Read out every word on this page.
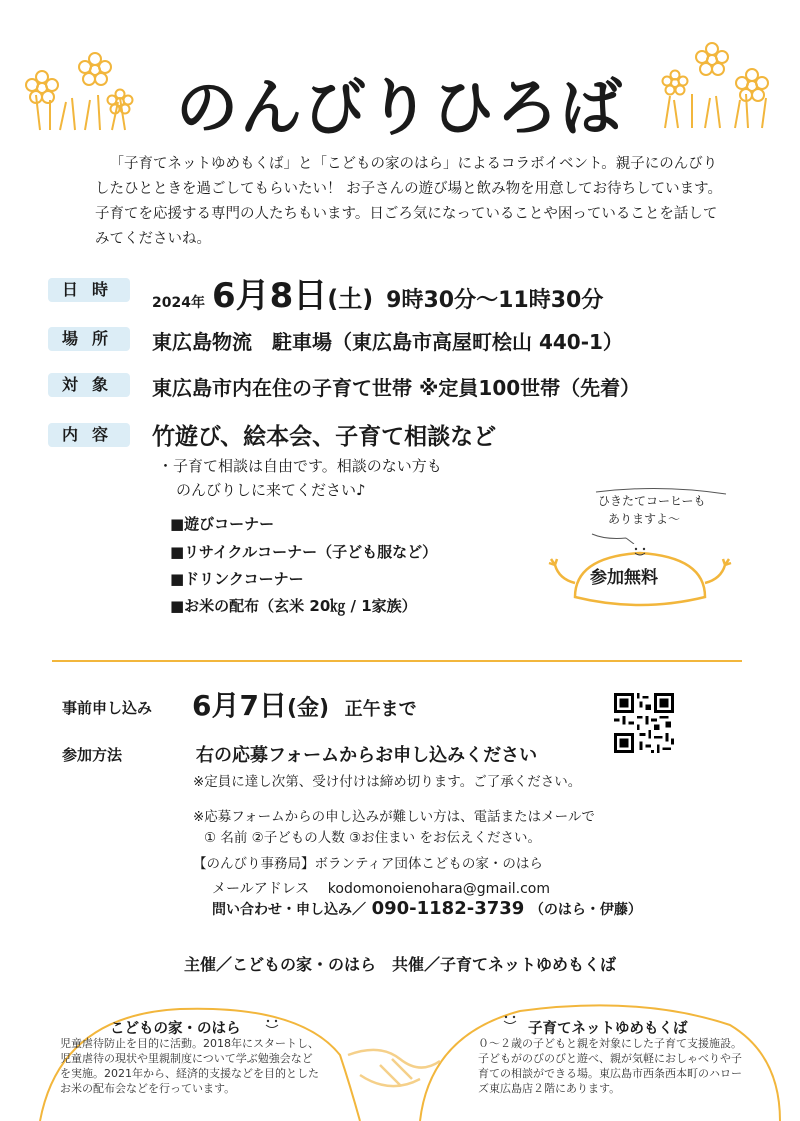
のんびりひろば
「子育てネットゆめもくば」と「こどもの家のはら」によるコラボイベント。親子にのんびりしたひとときを過ごしてもらいたい！ お子さんの遊び場と飲み物を用意してお待ちしています。子育てを応援する専門の人たちもいます。日ごろ気になっていることや困っていることを話してみてくださいね。
日時
2024年 6月8日(土) 9時30分〜11時30分
場所	東広島物流　駐車場（東広島市高屋町桧山 440-1）
対象	東広島市内在住の子育て世帯 ※定員100世帯（先着）
内容	竹遊び、絵本会、子育て相談など
・子育て相談は自由です。相談のない方も
のんびりしに来てください♪
■遊びコーナー
■リサイクルコーナー（子ども服など）
■ドリンクコーナー
■お米の配布（玄米 20㎏ / 1家族）
ひきたてコーヒーも
ありますよ〜
参加無料
事前申し込み 6月7日(金) 正午まで
参加方法	右の応募フォームからお申し込みください
※定員に達し次第、受け付けは締め切ります。ご了承ください。
※応募フォームからの申し込みが難しい方は、電話またはメールで
① 名前 ②子どもの人数 ③お住まい をお伝えください。
【のんびり事務局】ボランティア団体こどもの家・のはら
メールアドレス kodomonoienohara@gmail.com
問い合わせ・申し込み／ 090-1182-3739 （のはら・伊藤）
主催／こどもの家・のはら　共催／子育てネットゆめもくば
こどもの家・のはら
児童虐待防止を目的に活動。2018年にスタートし、児童虐待の現状や里親制度について学ぶ勉強会などを実施。2021年から、経済的支援などを目的としたお米の配布会などを行っています。
子育てネットゆめもくば
０～２歳の子どもと親を対象にした子育て支援施設。子どもがのびのびと遊べ、親が気軽におしゃべりや子育ての相談ができる場。東広島市西条西本町のハローズ東広島店２階にあります。
